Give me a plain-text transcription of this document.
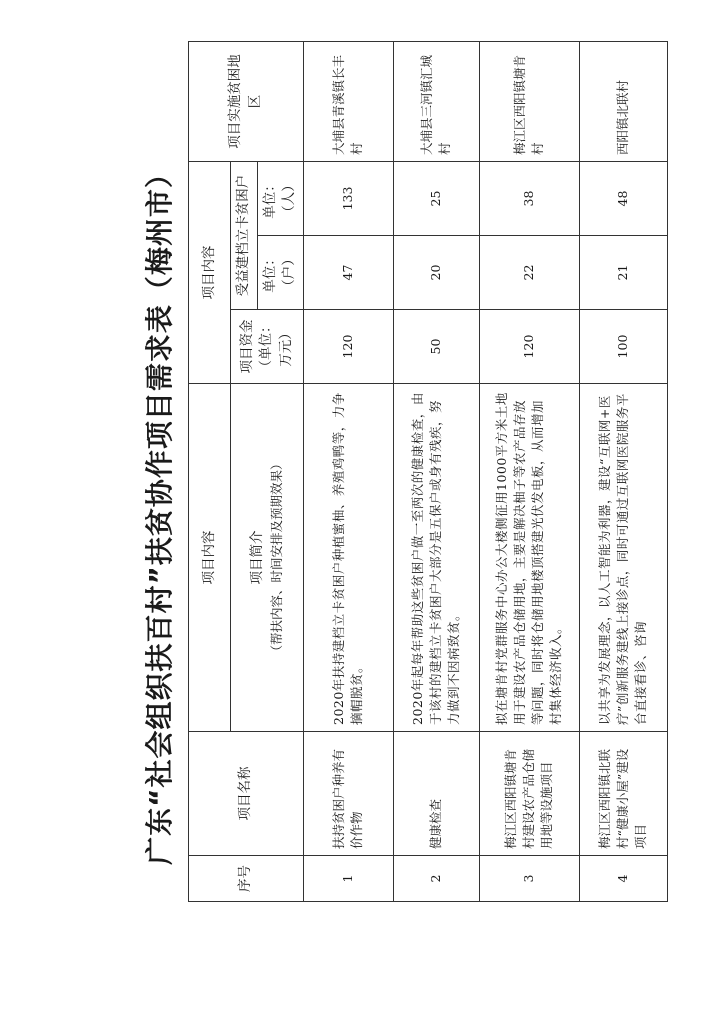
广东“社会组织扶百村”扶贫协作项目需求表（梅州市）
序号	项目名称	项目内容	项目内容			项目实施贫困地区

		项目简介 （帮扶内容、时间安排及预期效果）	项目资金（单位：万元）	受益建档立卡贫困户		
				单位：（户）	单位：（人）	
1	扶持贫困户种养有价作物	2020年扶持建档立卡贫困户种植蜜柚、养殖鸡鸭等，力争摘帽脱贫。	120	47	133	大埔县青溪镇长丰村
2	健康检查	2020年起每年帮助这些贫困户做一至两次的健康检查，由于该村的建档立卡贫困户大部分是五保户或身有残疾，努力做到不因病致贫。	50	20	25	大埔县三河镇汇城村
3	梅江区西阳镇塘肯村建设农产品仓储用地等设施项目	拟在塘肯村党群服务中心办公大楼侧征用1000平方米土地用于建设农产品仓储用地，主要是解决柚子等农产品存放等问题，同时将仓储用地楼顶搭建光伏发电板，从而增加村集体经济收入。	120	22	38	梅江区西阳镇塘肯村
4	梅江区西阳镇北联村“健康小屋”建设项目	以共享为发展理念，以人工智能为利器，建设“互联网+医疗”创新服务建线上接诊点，同时可通过互联网医院服务平台直接看诊、咨询	100	21	48	西阳镇北联村
